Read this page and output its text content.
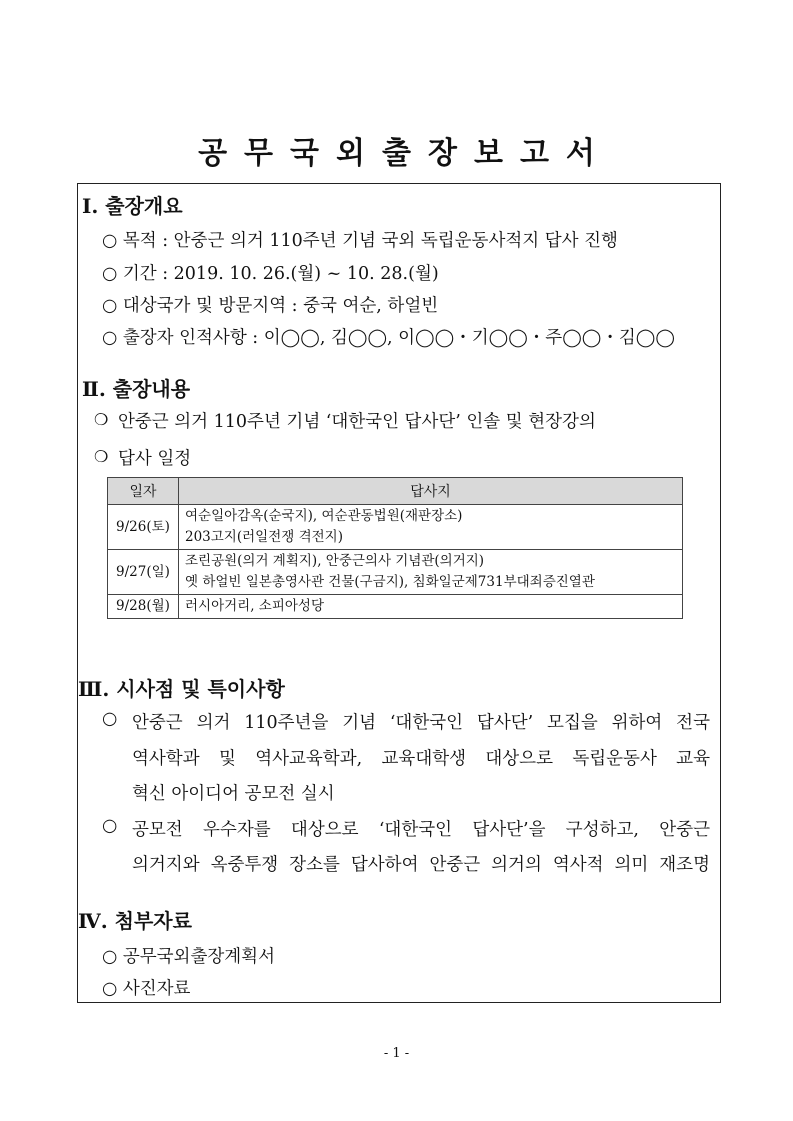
공무국외출장보고서
Ⅰ. 출장개요
○ 목적 : 안중근 의거 110주년 기념 국외 독립운동사적지 답사 진행
○ 기간 : 2019. 10. 26.(월) ~ 10. 28.(월)
○ 대상국가 및 방문지역 : 중국 여순, 하얼빈
○ 출장자 인적사항 : 이◯◯, 김◯◯, 이◯◯・기◯◯・주◯◯・김◯◯
Ⅱ. 출장내용
❍ 안중근 의거 110주년 기념 ‘대한국인 답사단’ 인솔 및 현장강의
❍ 답사 일정
일자	답사지
9/26(토)	여순일아감옥(순국지), 여순관동법원(재판장소)
203고지(러일전쟁 격전지)

9/27(일)	조린공원(의거 계획지), 안중근의사 기념관(의거지)
옛 하얼빈 일본총영사관 건물(구금지), 침화일군제731부대죄증진열관

9/28(월)	러시아거리, 소피아성당
Ⅲ. 시사점 및 특이사항
○ 안중근 의거 110주년을 기념 ‘대한국인 답사단’ 모집을 위하여 전국
역사학과 및 역사교육학과, 교육대학생 대상으로 독립운동사 교육
혁신 아이디어 공모전 실시
○ 공모전 우수자를 대상으로 ‘대한국인 답사단’을 구성하고, 안중근
의거지와 옥중투쟁 장소를 답사하여 안중근 의거의 역사적 의미 재조명
Ⅳ. 첨부자료
○ 공무국외출장계획서
○ 사진자료
- 1 -
